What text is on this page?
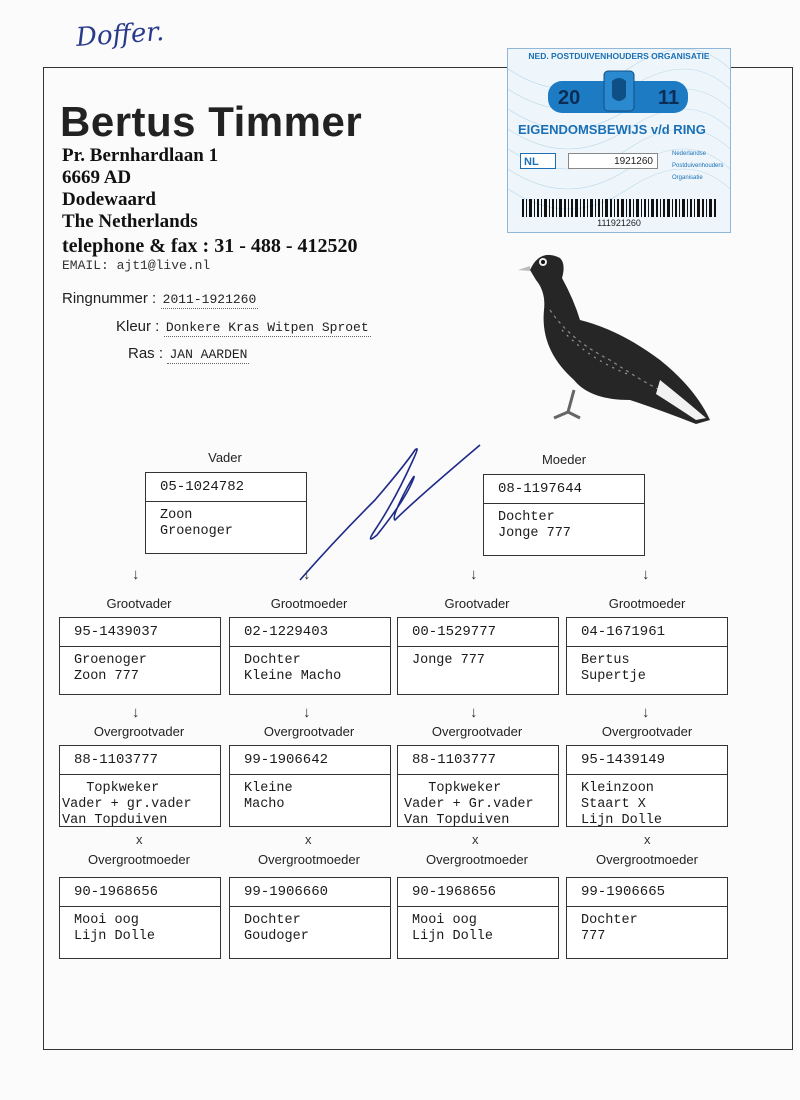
Doffer.
Bertus Timmer
Pr. Bernhardlaan 1
6669 AD
Dodewaard
The Netherlands
telephone & fax : 31 - 488 - 412520
EMAIL: ajt1@live.nl
Ringnummer : 2011-1921260
Kleur : Donkere Kras Witpen Sproet
Ras : JAN AARDEN
NED. POSTDUIVENHOUDERS ORGANISATIE
20	11
EIGENDOMSBEWIJS v/d RING
NL	1921260
Nederlandse
Postduivenhouders
Organisatie
111921260
Vader
05-1024782
Zoon
Groenoger
Moeder
08-1197644
Dochter
Jonge 777
↓	↓	↓	↓
Grootvader
95-1439037
Groenoger
Zoon 777
Grootmoeder
02-1229403
Dochter
Kleine Macho
Grootvader
00-1529777
Jonge 777
Grootmoeder
04-1671961
Bertus
Supertje
↓	↓	↓	↓
Overgrootvader
88-1103777
Topkweker
Vader + gr.vader
Van Topduiven
Overgrootvader
99-1906642
Kleine
Macho
Overgrootvader
88-1103777
Topkweker
Vader + Gr.vader
Van Topduiven
Overgrootvader
95-1439149
Kleinzoon
Staart X
Lijn Dolle
x	x	x	x
Overgrootmoeder
90-1968656
Mooi oog
Lijn Dolle
Overgrootmoeder
99-1906660
Dochter
Goudoger
Overgrootmoeder
90-1968656
Mooi oog
Lijn Dolle
Overgrootmoeder
99-1906665
Dochter
777
